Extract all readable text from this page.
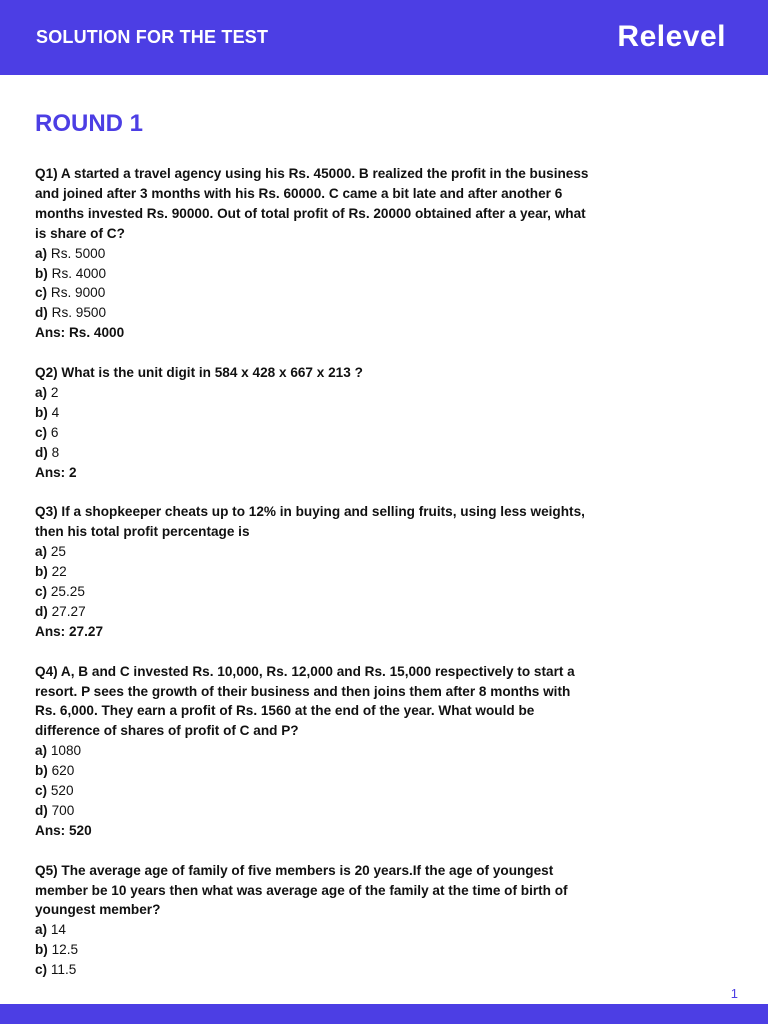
SOLUTION FOR THE TEST	Relevel
ROUND 1
Q1) A started a travel agency using his Rs. 45000. B realized the profit in the business and joined after 3 months with his Rs. 60000. C came a bit late and after another 6 months invested Rs. 90000. Out of total profit of Rs. 20000 obtained after a year, what is share of C?
a) Rs. 5000
b) Rs. 4000
c) Rs. 9000
d) Rs. 9500
Ans: Rs. 4000
Q2) What is the unit digit in 584 x 428 x 667 x 213 ?
a) 2
b) 4
c) 6
d) 8
Ans: 2
Q3) If a shopkeeper cheats up to 12% in buying and selling fruits, using less weights, then his total profit percentage is
a) 25
b) 22
c) 25.25
d) 27.27
Ans: 27.27
Q4) A, B and C invested Rs. 10,000, Rs. 12,000 and Rs. 15,000 respectively to start a resort. P sees the growth of their business and then joins them after 8 months with Rs. 6,000. They earn a profit of Rs. 1560 at the end of the year. What would be difference of shares of profit of C and P?
a) 1080
b) 620
c) 520
d) 700
Ans: 520
Q5) The average age of family of five members is 20 years.If the age of youngest member be 10 years then what was average age of the family at the time of birth of youngest member?
a) 14
b) 12.5
c) 11.5
1
